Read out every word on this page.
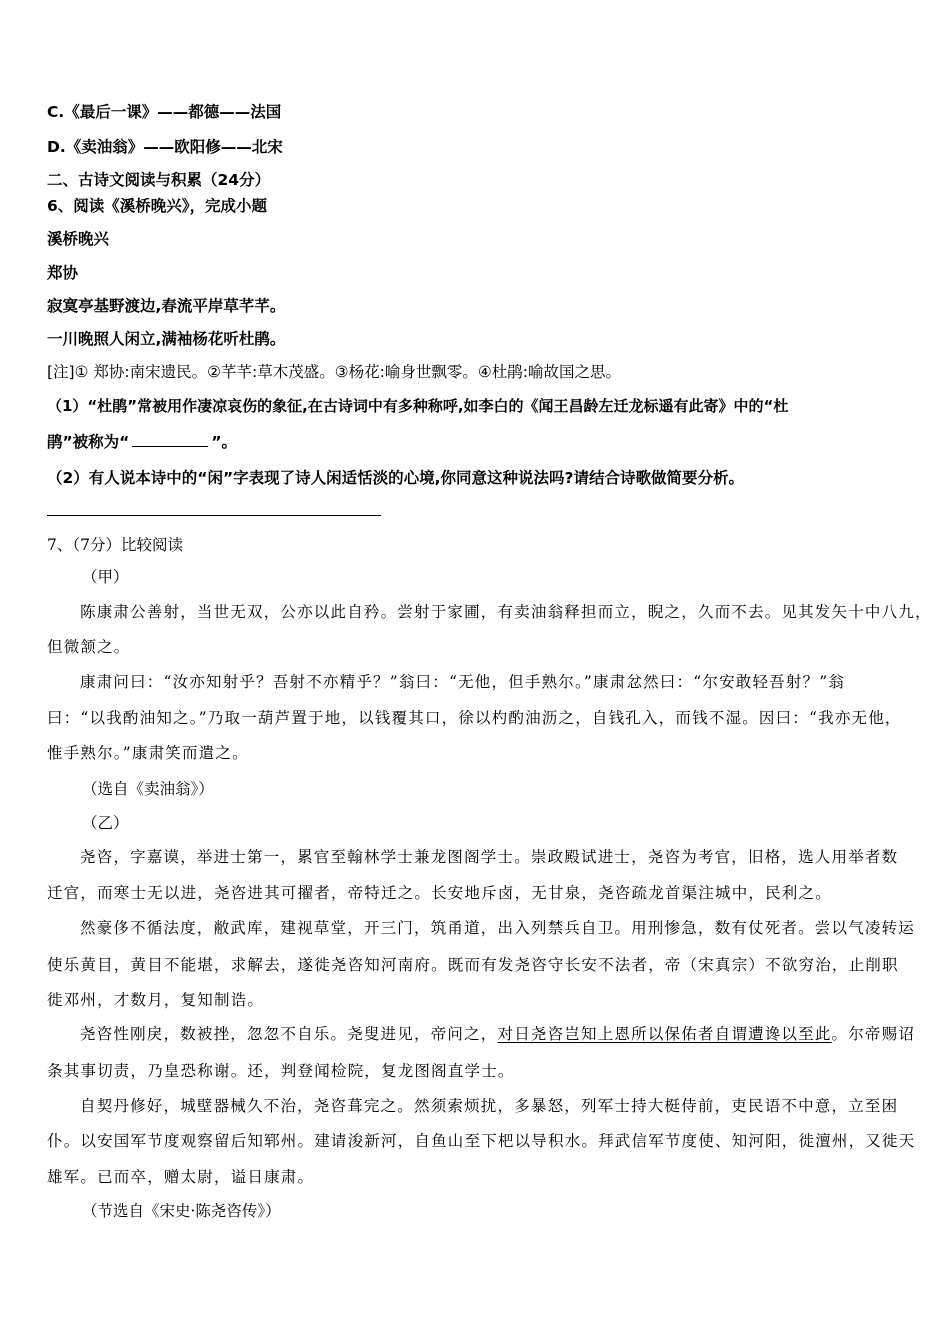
C.《最后一课》——都德——法国
D.《卖油翁》——欧阳修——北宋
二、古诗文阅读与积累（24分）
6、阅读《溪桥晚兴》，完成小题
溪桥晚兴
郑协
寂寞亭基野渡边,春流平岸草芊芊。
一川晚照人闲立,满袖杨花听杜鹃。
[注]① 郑协:南宋遗民。②芊芊:草木茂盛。③杨花:喻身世飘零。④杜鹃:喻故国之思。
（1）“杜鹃”常被用作凄凉哀伤的象征,在古诗词中有多种称呼,如李白的《闻王昌龄左迁龙标遥有此寄》中的“杜
鹃”被称为“	”。
（2）有人说本诗中的“闲”字表现了诗人闲适恬淡的心境,你同意这种说法吗?请结合诗歌做简要分析。
7、（7分）比较阅读
（甲）
陈康肃公善射，当世无双，公亦以此自矜。尝射于家圃，有卖油翁释担而立，睨之，久而不去。见其发矢十中八九，
但微颔之。
康肃问曰：“汝亦知射乎？吾射不亦精乎？”翁曰：“无他，但手熟尔。”康肃忿然曰：“尔安敢轻吾射？”翁
曰：“以我酌油知之。”乃取一葫芦置于地，以钱覆其口，徐以杓酌油沥之，自钱孔入，而钱不湿。因曰：“我亦无他，
惟手熟尔。”康肃笑而遣之。
（选自《卖油翁》）
（乙）
尧咨，字嘉谟，举进士第一，累官至翰林学士兼龙图阁学士。崇政殿试进士，尧咨为考官，旧格，选人用举者数
迁官，而寒士无以进，尧咨进其可擢者，帝特迁之。长安地斥卤，无甘泉，尧咨疏龙首渠注城中，民利之。
然豪侈不循法度，敝武库，建视草堂，开三门，筑甬道，出入列禁兵自卫。用刑惨急，数有仗死者。尝以气凌转运
使乐黄目，黄目不能堪，求解去，遂徙尧咨知河南府。既而有发尧咨守长安不法者，帝（宋真宗）不欲穷治，止削职
徙邓州，才数月，复知制诰。
尧咨性刚戾，数被挫，忽忽不自乐。尧叟进见，帝问之，对日尧咨岂知上恩所以保佑者自谓遭谗以至此。尔帝赐诏
条其事切责，乃皇恐称谢。还，判登闻检院，复龙图阁直学士。
自契丹修好，城壁器械久不治，尧咨葺完之。然须索烦扰，多暴怒，列军士持大梃侍前，吏民语不中意，立至困
仆。以安国军节度观察留后知郓州。建请浚新河，自鱼山至下杷以导积水。拜武信军节度使、知河阳，徙澶州，又徙天
雄军。已而卒，赠太尉，谥日康肃。
（节选自《宋史·陈尧咨传》）
